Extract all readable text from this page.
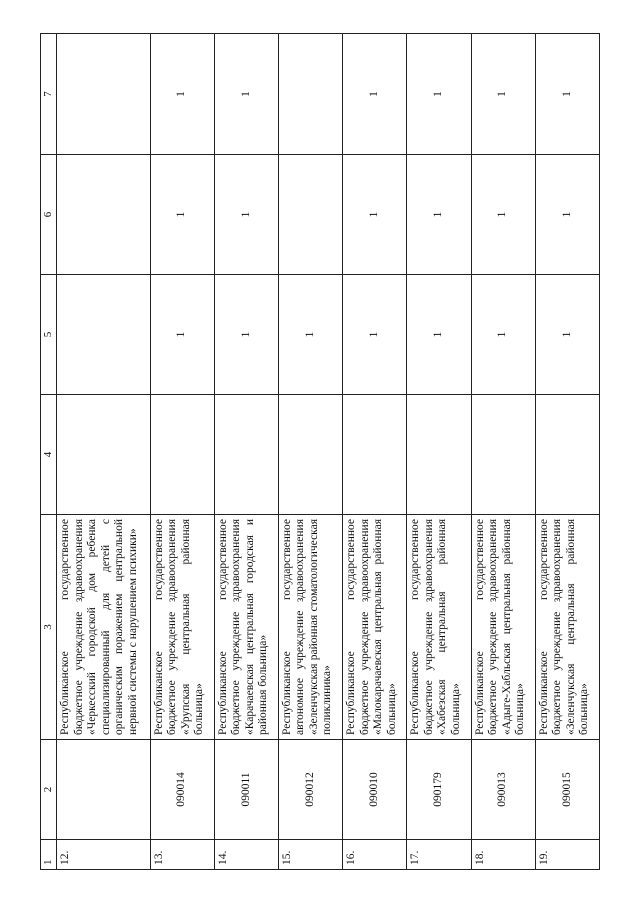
1	2	3	4	5	6	7
12.		Республиканское государственное бюджетное учреждение здравоохранения «Черкесский городской дом ребенка специализированный для детей с органическим поражением центральной нервной системы с нарушением психики»				
13.	090014	Республиканское государственное бюджетное учреждение здравоохранения «Урупская центральная районная больница»		1	1	1
14.	090011	Республиканское государственное бюджетное учреждение здравоохранения «Карачаевская центральная городская и районная больница»		1	1	1
15.	090012	Республиканское государственное автономное учреждение здравоохранения «Зеленчукская районная стоматологическая поликлиника»		1		
16.	090010	Республиканское государственное бюджетное учреждение здравоохранения «Малокарачаевская центральная районная больница»		1	1	1
17.	090179	Республиканское государственное бюджетное учреждение здравоохранения «Хабезская центральная районная больница»		1	1	1
18.	090013	Республиканское государственное бюджетное учреждение здравоохранения «Адыге-Хабльская центральная районная больница»		1	1	1
19.	090015	Республиканское государственное бюджетное учреждение здравоохранения «Зеленчукская центральная районная больница»		1	1	1
